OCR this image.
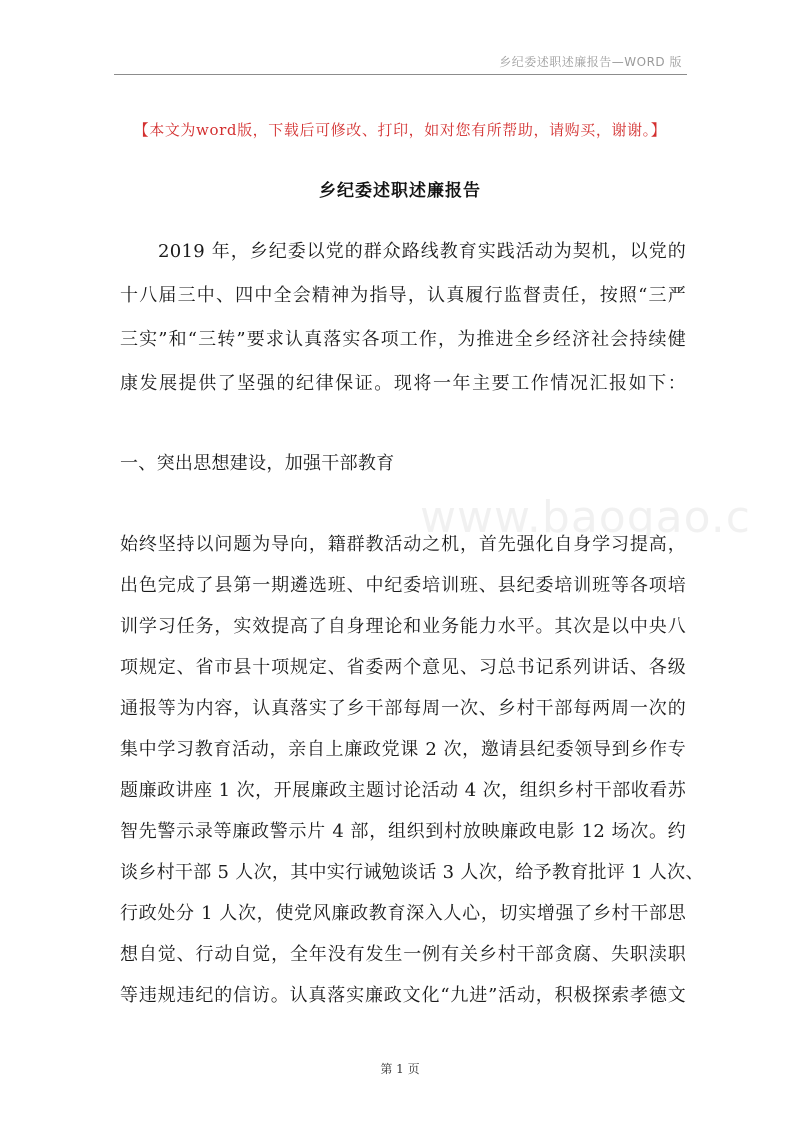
乡纪委述职述廉报告—WORD 版
【本文为word版，下载后可修改、打印，如对您有所帮助，请购买，谢谢。】
乡纪委述职述廉报告
2019 年，乡纪委以党的群众路线教育实践活动为契机，以党的
十八届三中、四中全会精神为指导，认真履行监督责任，按照“三严
三实”和“三转”要求认真落实各项工作，为推进全乡经济社会持续健
康发展提供了坚强的纪律保证。现将一年主要工作情况汇报如下：
一、突出思想建设，加强干部教育
www.baogao.c
始终坚持以问题为导向，籍群教活动之机，首先强化自身学习提高，
出色完成了县第一期遴选班、中纪委培训班、县纪委培训班等各项培
训学习任务，实效提高了自身理论和业务能力水平。其次是以中央八
项规定、省市县十项规定、省委两个意见、习总书记系列讲话、各级
通报等为内容，认真落实了乡干部每周一次、乡村干部每两周一次的
集中学习教育活动，亲自上廉政党课 2 次，邀请县纪委领导到乡作专
题廉政讲座 1 次，开展廉政主题讨论活动 4 次，组织乡村干部收看苏
智先警示录等廉政警示片 4 部，组织到村放映廉政电影 12 场次。约
谈乡村干部 5 人次，其中实行诫勉谈话 3 人次，给予教育批评 1 人次、
行政处分 1 人次，使党风廉政教育深入人心，切实增强了乡村干部思
想自觉、行动自觉，全年没有发生一例有关乡村干部贪腐、失职渎职
等违规违纪的信访。认真落实廉政文化“九进”活动，积极探索孝德文
第 1 页
